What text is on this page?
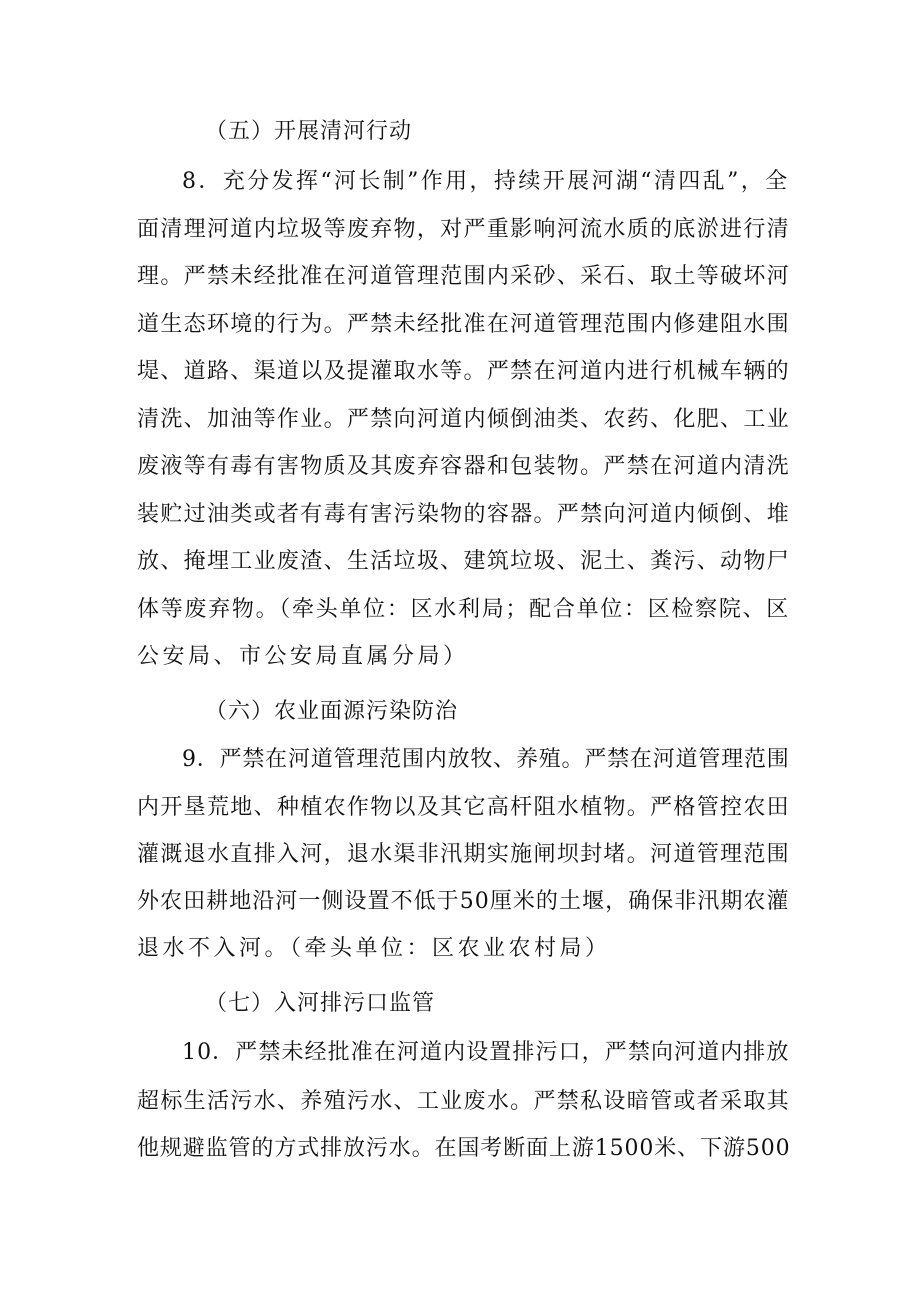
（五）开展清河行动
8．充分发挥“河长制”作用，持续开展河湖“清四乱”，全
面清理河道内垃圾等废弃物，对严重影响河流水质的底淤进行清
理。严禁未经批准在河道管理范围内采砂、采石、取土等破坏河
道生态环境的行为。严禁未经批准在河道管理范围内修建阻水围
堤、道路、渠道以及提灌取水等。严禁在河道内进行机械车辆的
清洗、加油等作业。严禁向河道内倾倒油类、农药、化肥、工业
废液等有毒有害物质及其废弃容器和包装物。严禁在河道内清洗
装贮过油类或者有毒有害污染物的容器。严禁向河道内倾倒、堆
放、掩埋工业废渣、生活垃圾、建筑垃圾、泥土、粪污、动物尸
体等废弃物。（牵头单位：区水利局；配合单位：区检察院、区
公安局、市公安局直属分局）
（六）农业面源污染防治
9．严禁在河道管理范围内放牧、养殖。严禁在河道管理范围
内开垦荒地、种植农作物以及其它高杆阻水植物。严格管控农田
灌溉退水直排入河，退水渠非汛期实施闸坝封堵。河道管理范围
外农田耕地沿河一侧设置不低于50厘米的土堰，确保非汛期农灌
退水不入河。（牵头单位：区农业农村局）
（七）入河排污口监管
10．严禁未经批准在河道内设置排污口，严禁向河道内排放
超标生活污水、养殖污水、工业废水。严禁私设暗管或者采取其
他规避监管的方式排放污水。在国考断面上游1500米、下游500
